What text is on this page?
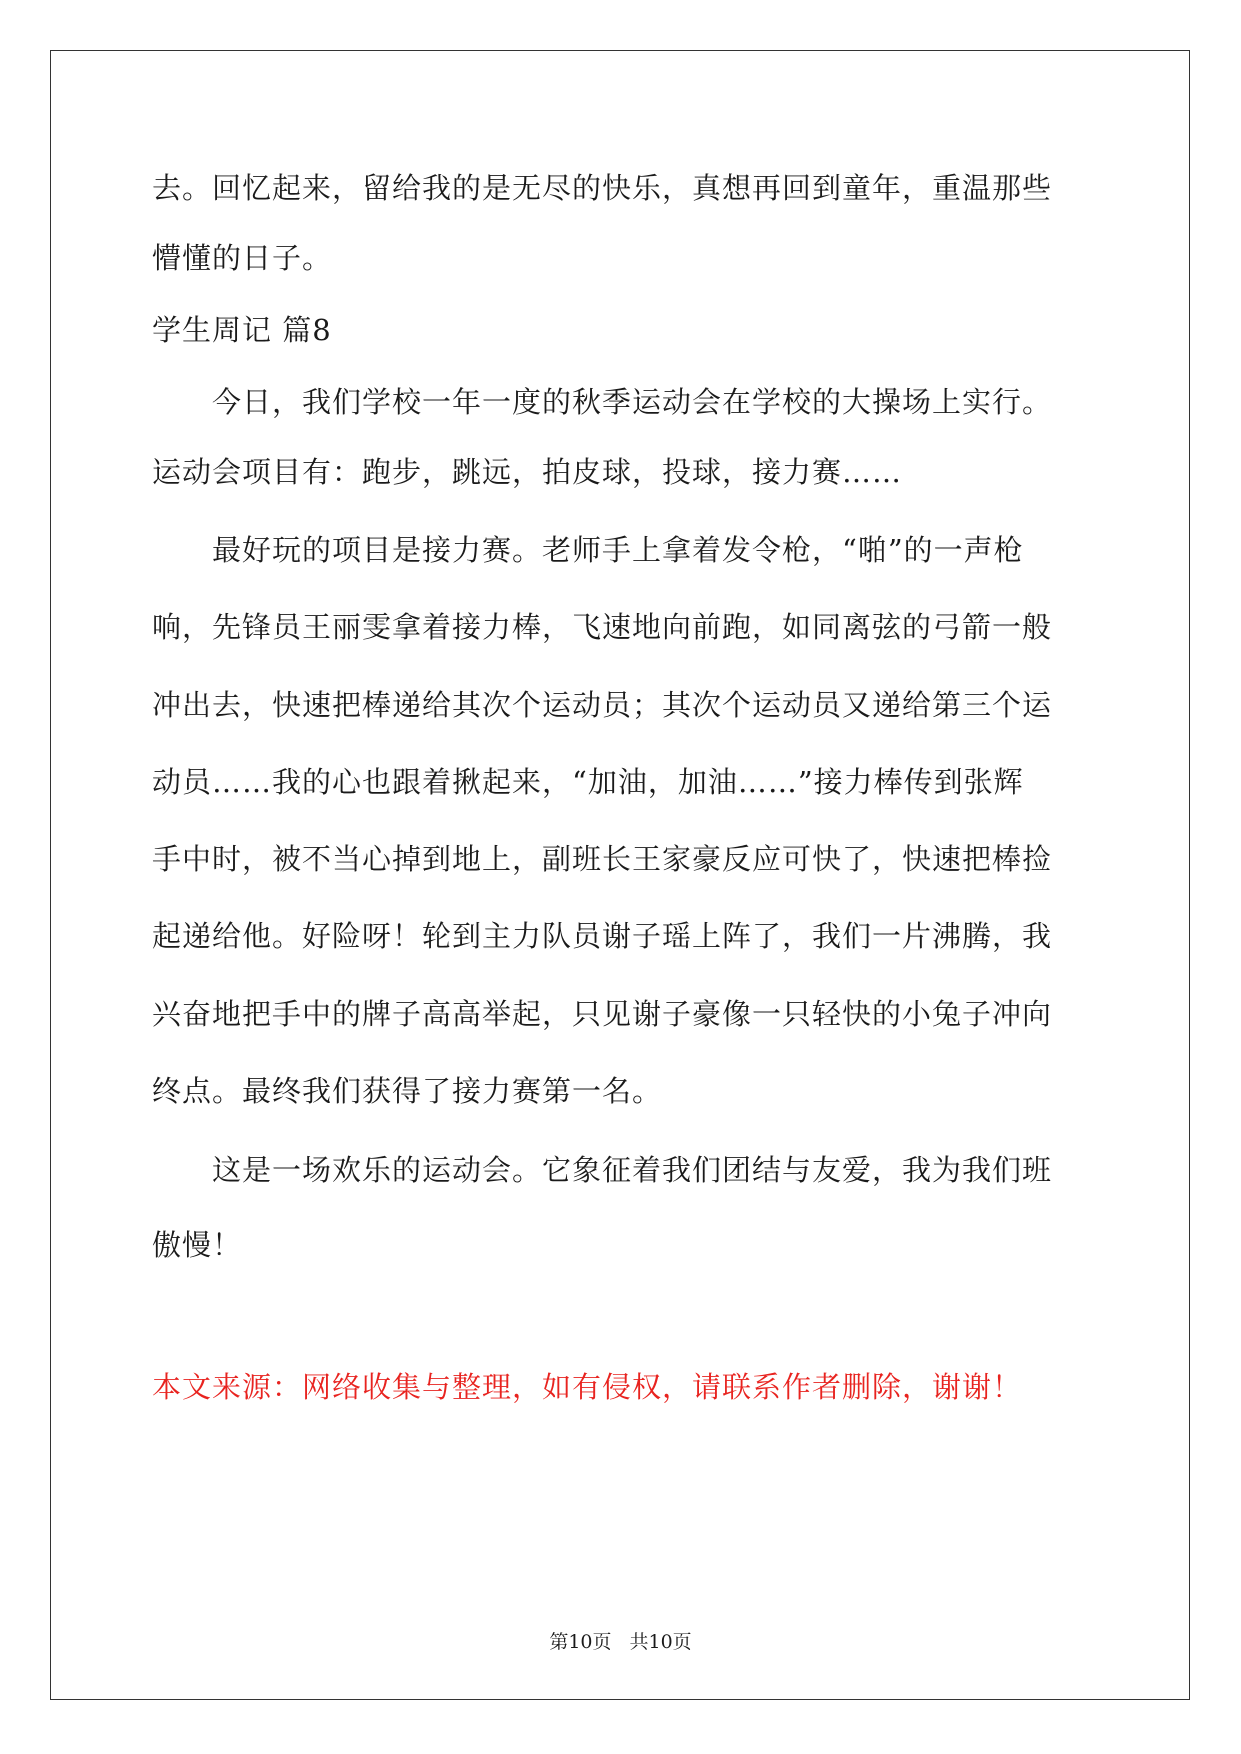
去。回忆起来，留给我的是无尽的快乐，真想再回到童年，重温那些
懵懂的日子。
学生周记 篇8
　　今日，我们学校一年一度的秋季运动会在学校的大操场上实行。
运动会项目有：跑步，跳远，拍皮球，投球，接力赛……
　　最好玩的项目是接力赛。老师手上拿着发令枪，“啪”的一声枪
响，先锋员王丽雯拿着接力棒，飞速地向前跑，如同离弦的弓箭一般
冲出去，快速把棒递给其次个运动员；其次个运动员又递给第三个运
动员……我的心也跟着揪起来，“加油，加油……”接力棒传到张辉
手中时，被不当心掉到地上，副班长王家豪反应可快了，快速把棒捡
起递给他。好险呀！轮到主力队员谢子瑶上阵了，我们一片沸腾，我
兴奋地把手中的牌子高高举起，只见谢子豪像一只轻快的小兔子冲向
终点。最终我们获得了接力赛第一名。
　　这是一场欢乐的运动会。它象征着我们团结与友爱，我为我们班
傲慢！
本文来源：网络收集与整理，如有侵权，请联系作者删除，谢谢！
第10页 共10页
